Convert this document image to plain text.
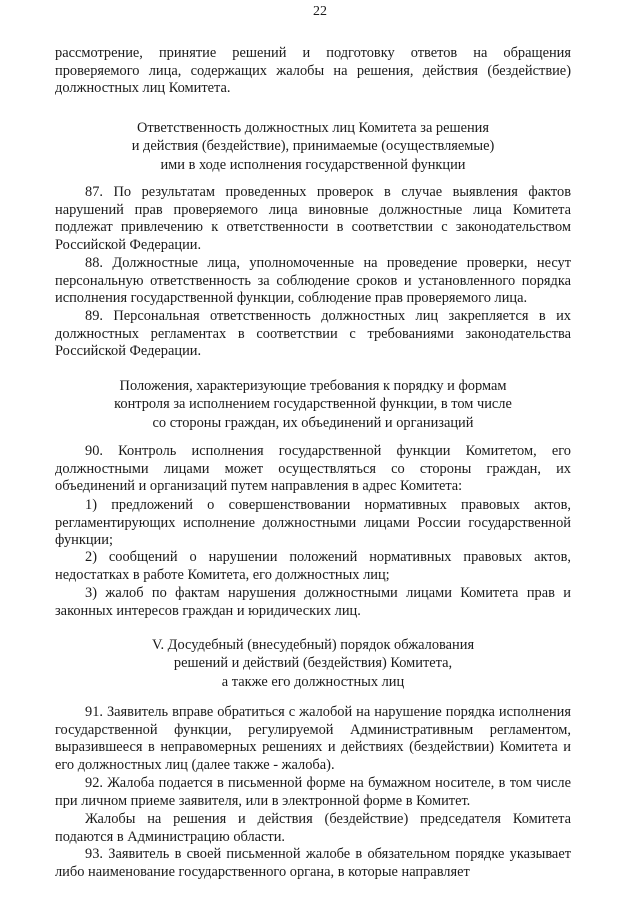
22

рассмотрение, принятие решений и подготовку ответов на обращения проверяемого лица, содержащих жалобы на решения, действия (бездействие) должностных лиц Комитета.

Ответственность должностных лиц Комитета за решения
и действия (бездействие), принимаемые (осуществляемые)
ими в ходе исполнения государственной функции

87. По результатам проведенных проверок в случае выявления фактов нарушений прав проверяемого лица виновные должностные лица Комитета подлежат привлечению к ответственности в соответствии с законодательством Российской Федерации.

88. Должностные лица, уполномоченные на проведение проверки, несут персональную ответственность за соблюдение сроков и установленного порядка исполнения государственной функции, соблюдение прав проверяемого лица.

89. Персональная ответственность должностных лиц закрепляется в их должностных регламентах в соответствии с требованиями законодательства Российской Федерации.

Положения, характеризующие требования к порядку и формам
контроля за исполнением государственной функции, в том числе
со стороны граждан, их объединений и организаций

90. Контроль исполнения государственной функции Комитетом, его должностными лицами может осуществляться со стороны граждан, их объединений и организаций путем направления в адрес Комитета:

1) предложений о совершенствовании нормативных правовых актов, регламентирующих исполнение должностными лицами России государственной функции;

2) сообщений о нарушении положений нормативных правовых актов, недостатках в работе Комитета, его должностных лиц;

3) жалоб по фактам нарушения должностными лицами Комитета прав и законных интересов граждан и юридических лиц.

V. Досудебный (внесудебный) порядок обжалования
решений и действий (бездействия) Комитета,
а также его должностных лиц

91. Заявитель вправе обратиться с жалобой на нарушение порядка исполнения государственной функции, регулируемой Административным регламентом, выразившееся в неправомерных решениях и действиях (бездействии) Комитета и его должностных лиц (далее также - жалоба).

92. Жалоба подается в письменной форме на бумажном носителе, в том числе при личном приеме заявителя, или в электронной форме в Комитет.

Жалобы на решения и действия (бездействие) председателя Комитета подаются в Администрацию области.

93. Заявитель в своей письменной жалобе в обязательном порядке указывает либо наименование государственного органа, в которые направляет
